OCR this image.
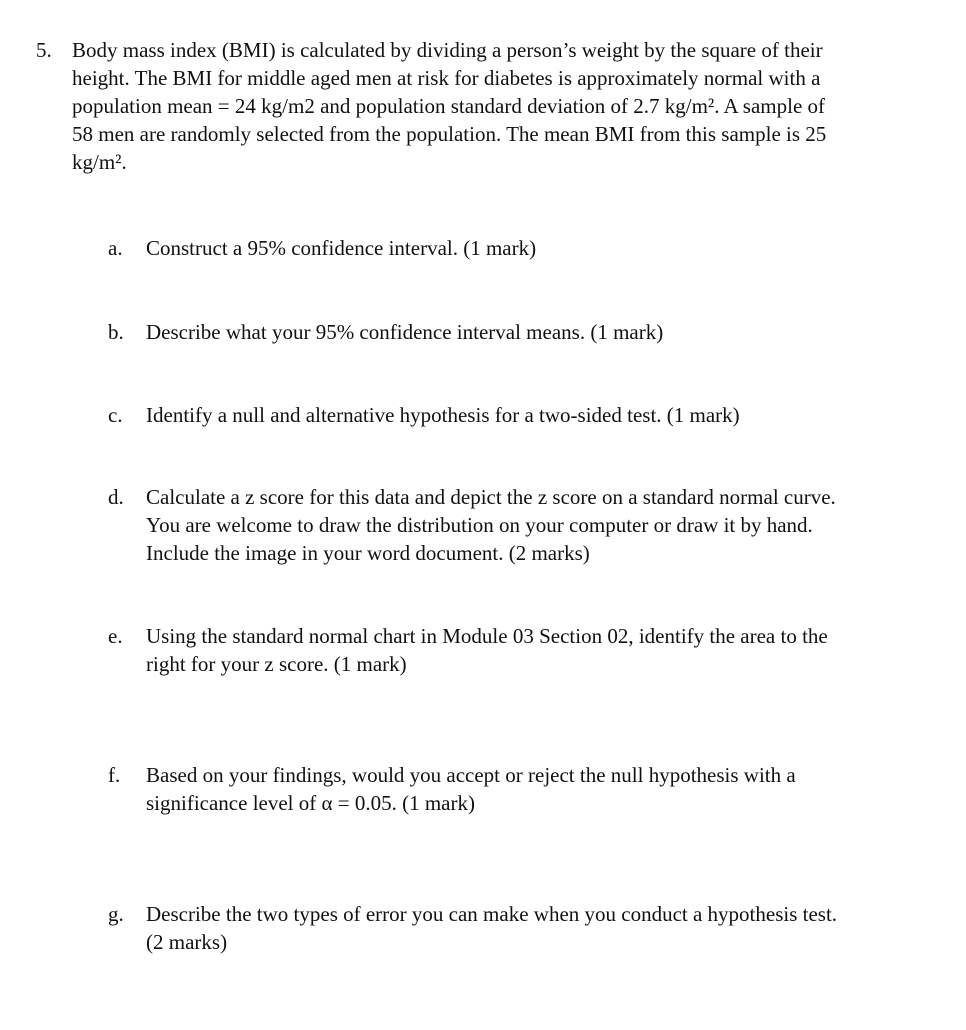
5. Body mass index (BMI) is calculated by dividing a person’s weight by the square of their
height. The BMI for middle aged men at risk for diabetes is approximately normal with a
population mean = 24 kg/m2 and population standard deviation of 2.7 kg/m². A sample of
58 men are randomly selected from the population. The mean BMI from this sample is 25
kg/m².
a. Construct a 95% confidence interval. (1 mark)
b. Describe what your 95% confidence interval means. (1 mark)
c. Identify a null and alternative hypothesis for a two-sided test. (1 mark)
d. Calculate a z score for this data and depict the z score on a standard normal curve.
You are welcome to draw the distribution on your computer or draw it by hand.
Include the image in your word document. (2 marks)
e. Using the standard normal chart in Module 03 Section 02, identify the area to the
right for your z score. (1 mark)
f. Based on your findings, would you accept or reject the null hypothesis with a
significance level of α = 0.05. (1 mark)
g. Describe the two types of error you can make when you conduct a hypothesis test.
(2 marks)
